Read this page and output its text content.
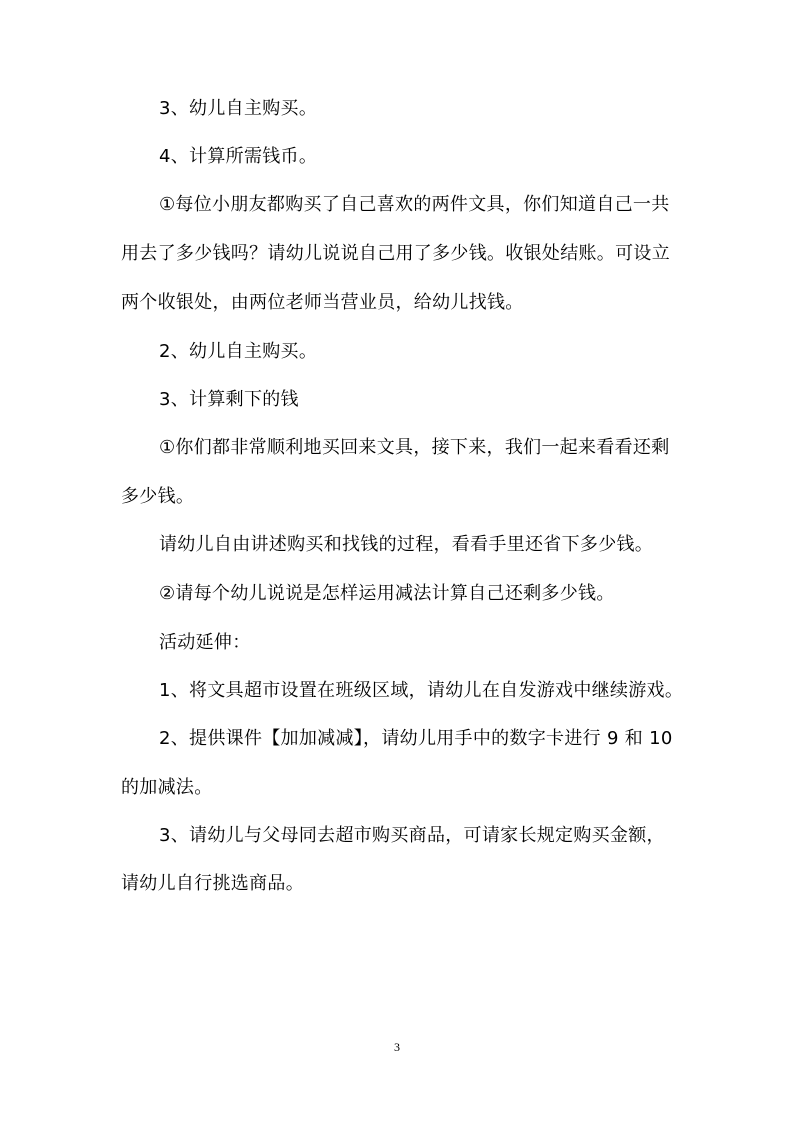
3、幼儿自主购买。
4、计算所需钱币。
①每位小朋友都购买了自己喜欢的两件文具，你们知道自己一共
用去了多少钱吗？请幼儿说说自己用了多少钱。收银处结账。可设立
两个收银处，由两位老师当营业员，给幼儿找钱。
2、幼儿自主购买。
3、计算剩下的钱
①你们都非常顺利地买回来文具，接下来，我们一起来看看还剩
多少钱。
请幼儿自由讲述购买和找钱的过程，看看手里还省下多少钱。
②请每个幼儿说说是怎样运用减法计算自己还剩多少钱。
活动延伸：
1、将文具超市设置在班级区域，请幼儿在自发游戏中继续游戏。
2、提供课件【加加减减】，请幼儿用手中的数字卡进行 9 和 10
的加减法。
3、请幼儿与父母同去超市购买商品，可请家长规定购买金额，
请幼儿自行挑选商品。
3
